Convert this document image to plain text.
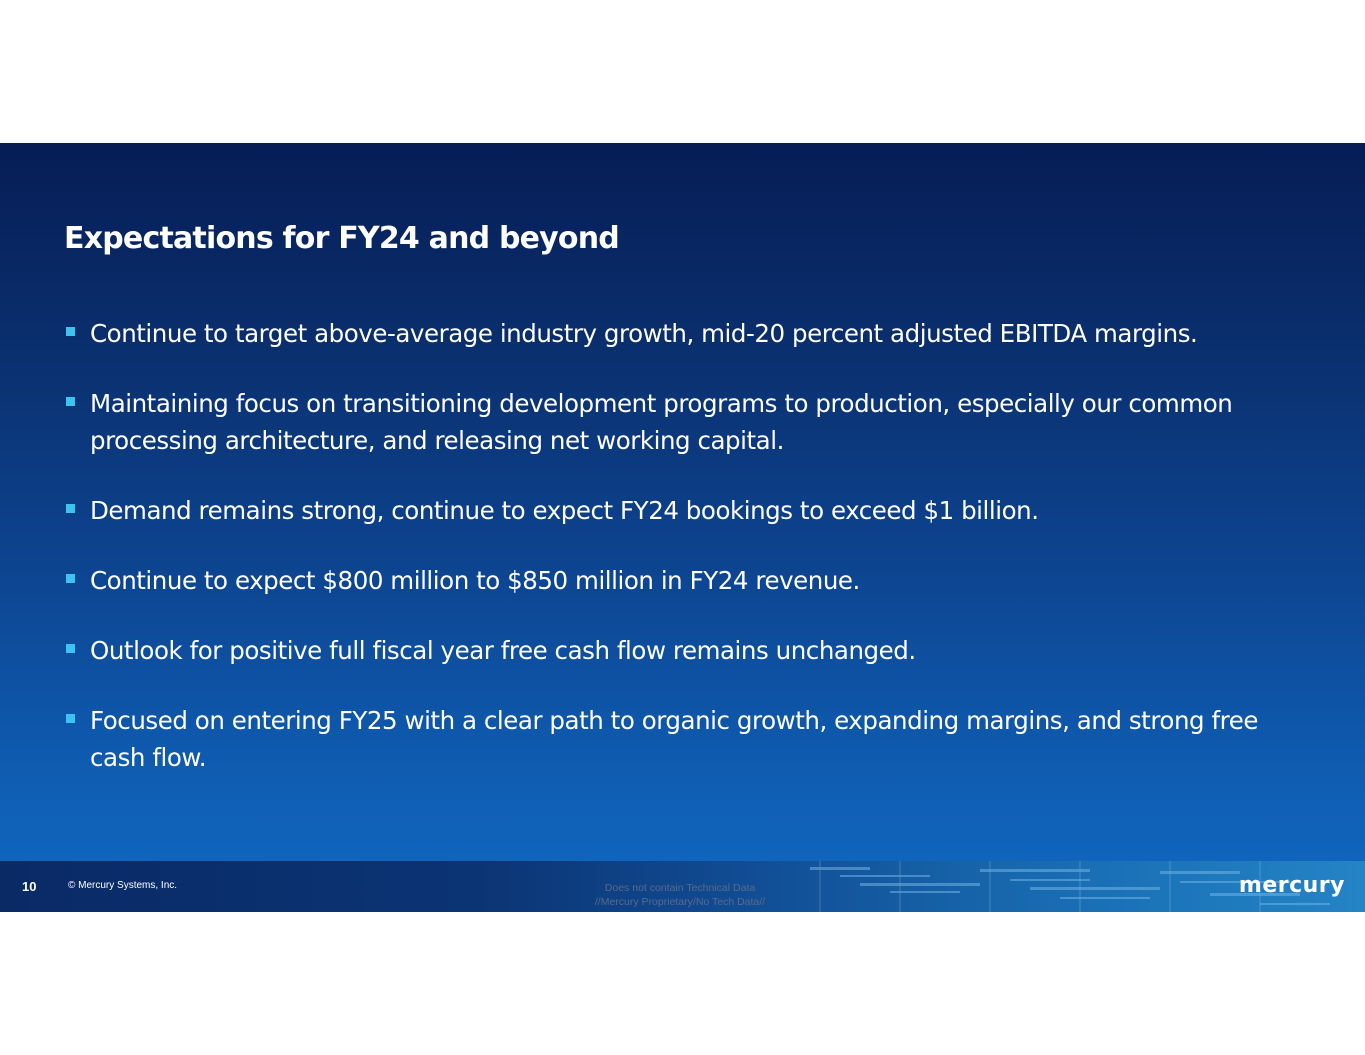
Expectations for FY24 and beyond
Continue to target above-average industry growth, mid-20 percent adjusted EBITDA margins.
Maintaining focus on transitioning development programs to production, especially our common processing architecture, and releasing net working capital.
Demand remains strong, continue to expect FY24 bookings to exceed $1 billion.
Continue to expect $800 million to $850 million in FY24 revenue.
Outlook for positive full fiscal year free cash flow remains unchanged.
Focused on entering FY25 with a clear path to organic growth, expanding margins, and strong free cash flow.
10	© Mercury Systems, Inc.	Does not contain Technical Data
//Mercury Proprietary/No Tech Data//
mercury
